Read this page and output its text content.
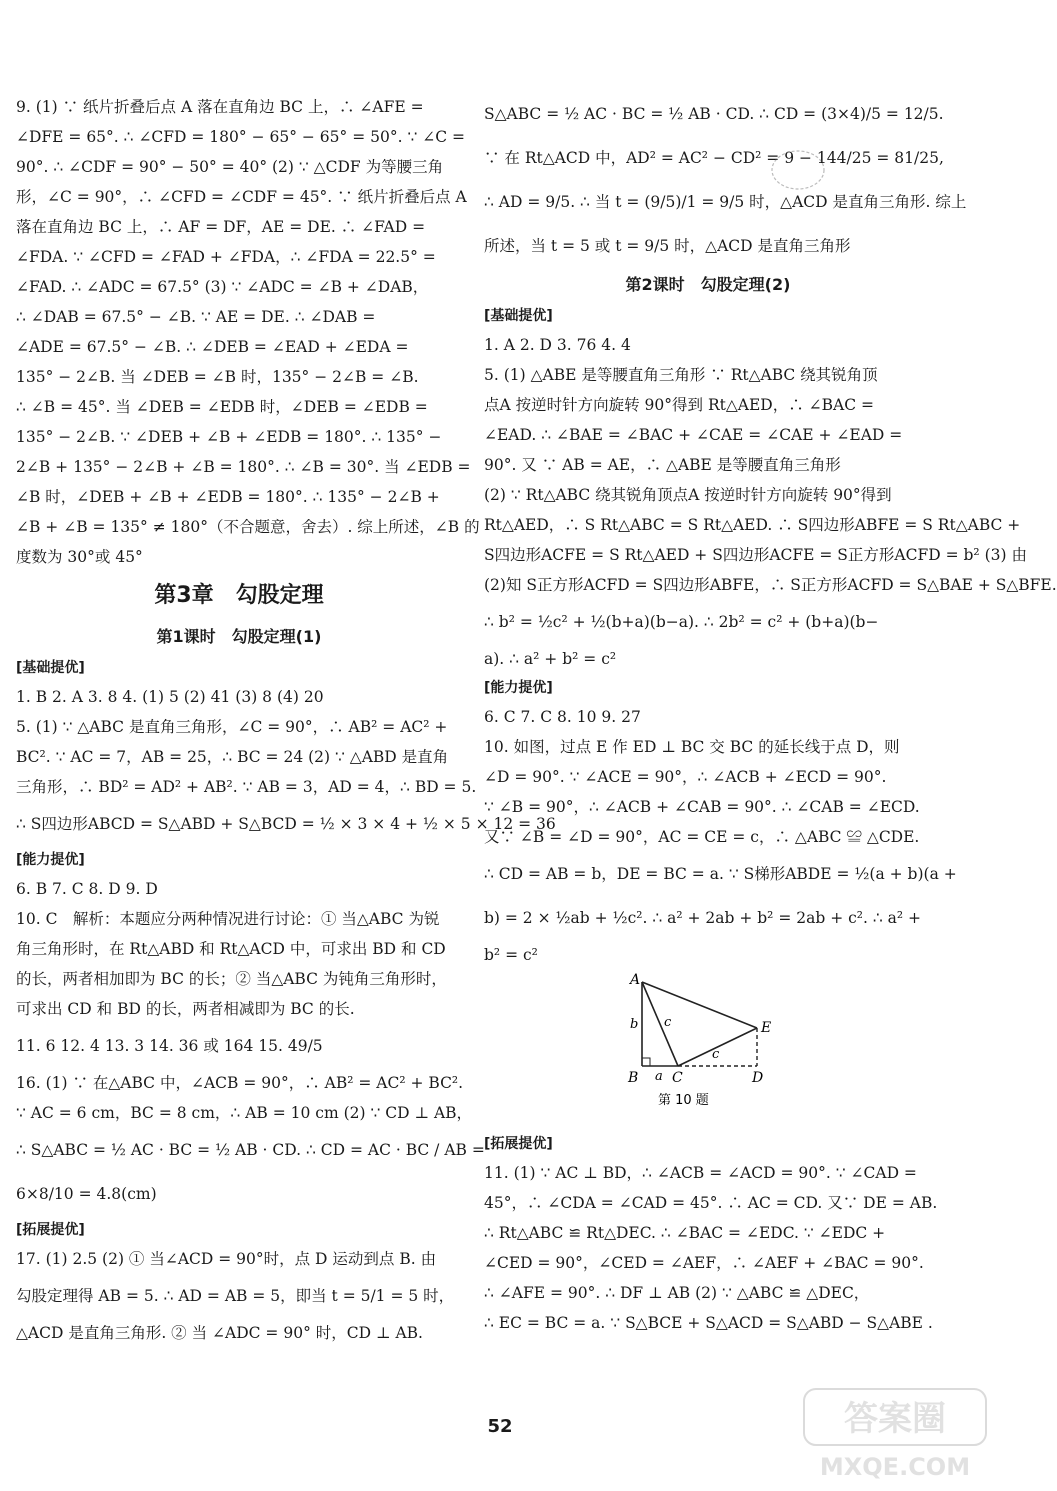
9. (1) ∵ 纸片折叠后点 A 落在直角边 BC 上，∴ ∠AFE =
∠DFE = 65°. ∴ ∠CFD = 180° − 65° − 65° = 50°. ∵ ∠C =
90°. ∴ ∠CDF = 90° − 50° = 40° (2) ∵ △CDF 为等腰三角
形，∠C = 90°，∴ ∠CFD = ∠CDF = 45°. ∵ 纸片折叠后点 A
落在直角边 BC 上，∴ AF = DF，AE = DE. ∴ ∠FAD =
∠FDA. ∵ ∠CFD = ∠FAD + ∠FDA，∴ ∠FDA = 22.5° =
∠FAD. ∴ ∠ADC = 67.5° (3) ∵ ∠ADC = ∠B + ∠DAB，
∴ ∠DAB = 67.5° − ∠B. ∵ AE = DE. ∴ ∠DAB =
∠ADE = 67.5° − ∠B. ∴ ∠DEB = ∠EAD + ∠EDA =
135° − 2∠B. 当 ∠DEB = ∠B 时，135° − 2∠B = ∠B.
∴ ∠B = 45°. 当 ∠DEB = ∠EDB 时，∠DEB = ∠EDB =
135° − 2∠B. ∵ ∠DEB + ∠B + ∠EDB = 180°. ∴ 135° −
2∠B + 135° − 2∠B + ∠B = 180°. ∴ ∠B = 30°. 当 ∠EDB =
∠B 时，∠DEB + ∠B + ∠EDB = 180°. ∴ 135° − 2∠B +
∠B + ∠B = 135° ≠ 180°（不合题意，舍去）. 综上所述，∠B 的
度数为 30°或 45°
第3章　勾股定理
第1课时　勾股定理(1)
[基础提优]
1. B 2. A 3. 8 4. (1) 5 (2) 41 (3) 8 (4) 20
5. (1) ∵ △ABC 是直角三角形，∠C = 90°，∴ AB² = AC² +
BC². ∵ AC = 7，AB = 25，∴ BC = 24 (2) ∵ △ABD 是直角
三角形，∴ BD² = AD² + AB². ∵ AB = 3，AD = 4，∴ BD = 5.
∴ S四边形ABCD = S△ABD + S△BCD = ½ × 3 × 4 + ½ × 5 × 12 = 36
[能力提优]
6. B 7. C 8. D 9. D
10. C　解析：本题应分两种情况进行讨论：① 当△ABC 为锐
角三角形时，在 Rt△ABD 和 Rt△ACD 中，可求出 BD 和 CD
的长，两者相加即为 BC 的长；② 当△ABC 为钝角三角形时，
可求出 CD 和 BD 的长，两者相减即为 BC 的长.
11. 6 12. 4 13. 3 14. 36 或 164 15. 49/5
16. (1) ∵ 在△ABC 中，∠ACB = 90°，∴ AB² = AC² + BC².
∵ AC = 6 cm，BC = 8 cm，∴ AB = 10 cm (2) ∵ CD ⊥ AB，
∴ S△ABC = ½ AC · BC = ½ AB · CD. ∴ CD = AC · BC / AB =
6×8/10 = 4.8(cm)
[拓展提优]
17. (1) 2.5 (2) ① 当∠ACD = 90°时，点 D 运动到点 B. 由
勾股定理得 AB = 5. ∴ AD = AB = 5，即当 t = 5/1 = 5 时，
△ACD 是直角三角形. ② 当 ∠ADC = 90° 时，CD ⊥ AB.
S△ABC = ½ AC · BC = ½ AB · CD. ∴ CD = (3×4)/5 = 12/5.
∵ 在 Rt△ACD 中，AD² = AC² − CD² = 9 − 144/25 = 81/25,
∴ AD = 9/5. ∴ 当 t = (9/5)/1 = 9/5 时，△ACD 是直角三角形. 综上
所述，当 t = 5 或 t = 9/5 时，△ACD 是直角三角形
第2课时　勾股定理(2)
[基础提优]
1. A 2. D 3. 76 4. 4
5. (1) △ABE 是等腰直角三角形 ∵ Rt△ABC 绕其锐角顶
点A 按逆时针方向旋转 90°得到 Rt△AED，∴ ∠BAC =
∠EAD. ∴ ∠BAE = ∠BAC + ∠CAE = ∠CAE + ∠EAD =
90°. 又 ∵ AB = AE，∴ △ABE 是等腰直角三角形
(2) ∵ Rt△ABC 绕其锐角顶点A 按逆时针方向旋转 90°得到
Rt△AED，∴ S Rt△ABC = S Rt△AED. ∴ S四边形ABFE = S Rt△ABC +
S四边形ACFE = S Rt△AED + S四边形ACFE = S正方形ACFD = b² (3) 由
(2)知 S正方形ACFD = S四边形ABFE，∴ S正方形ACFD = S△BAE + S△BFE.
∴ b² = ½c² + ½(b+a)(b−a). ∴ 2b² = c² + (b+a)(b−
a). ∴ a² + b² = c²
[能力提优]
6. C 7. C 8. 10 9. 27
10. 如图，过点 E 作 ED ⊥ BC 交 BC 的延长线于点 D，则
∠D = 90°. ∵ ∠ACE = 90°，∴ ∠ACB + ∠ECD = 90°.
∵ ∠B = 90°，∴ ∠ACB + ∠CAB = 90°. ∴ ∠CAB = ∠ECD.
又∵ ∠B = ∠D = 90°，AC = CE = c，∴ △ABC ≌ △CDE.
∴ CD = AB = b，DE = BC = a. ∵ S梯形ABDE = ½(a + b)(a +
b) = 2 × ½ab + ½c². ∴ a² + 2ab + b² = 2ab + c². ∴ a² +
b² = c²
A
B C	D
E
b
a
c
c
第 10 题
[拓展提优]
11. (1) ∵ AC ⊥ BD，∴ ∠ACB = ∠ACD = 90°. ∵ ∠CAD =
45°，∴ ∠CDA = ∠CAD = 45°. ∴ AC = CD. 又∵ DE = AB.
∴ Rt△ABC ≌ Rt△DEC. ∴ ∠BAC = ∠EDC. ∵ ∠EDC +
∠CED = 90°，∠CED = ∠AEF，∴ ∠AEF + ∠BAC = 90°.
∴ ∠AFE = 90°. ∴ DF ⊥ AB (2) ∵ △ABC ≌ △DEC，
∴ EC = BC = a. ∵ S△BCE + S△ACD = S△ABD − S△ABE .
52	答案圈
MXQE.COM
